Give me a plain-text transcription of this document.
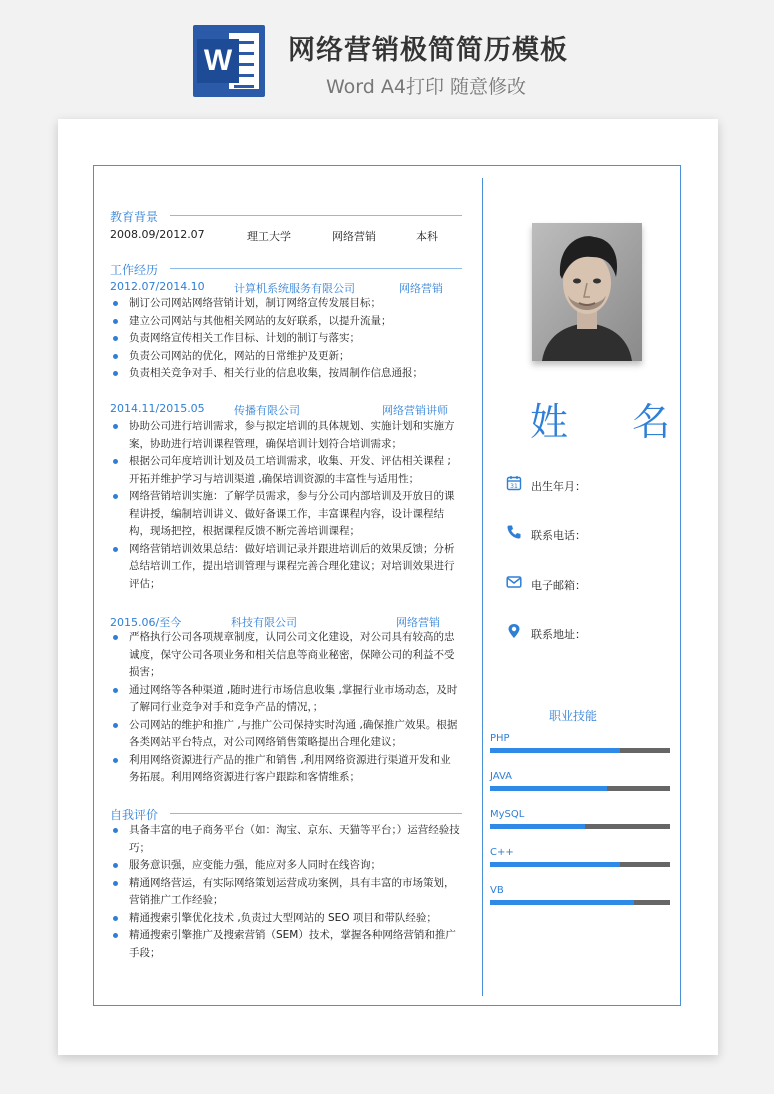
W 网络营销极简简历模板
Word A4打印 随意修改
教育背景
2008.09/2012.07	理工大学	网络营销	本科
工作经历
2012.07/2014.10	计算机系统服务有限公司	网络营销
制订公司网站网络营销计划，制订网络宣传发展目标；
建立公司网站与其他相关网站的友好联系，以提升流量；
负责网络宣传相关工作目标、计划的制订与落实；
负责公司网站的优化，网站的日常维护及更新；
负责相关竞争对手、相关行业的信息收集，按周制作信息通报；
2014.11/2015.05	传播有限公司	网络营销讲师
协助公司进行培训需求，参与拟定培训的具体规划、实施计划和实施方案，协助进行培训课程管理，确保培训计划符合培训需求；
根据公司年度培训计划及员工培训需求，收集、开发、评估相关课程 ;开拓并维护学习与培训渠道 ,确保培训资源的丰富性与适用性；
网络营销培训实施：了解学员需求，参与分公司内部培训及开放日的课程讲授，编制培训讲义、做好备课工作，丰富课程内容，设计课程结构，现场把控，根据课程反馈不断完善培训课程；
网络营销培训效果总结：做好培训记录并跟进培训后的效果反馈；分析总结培训工作，提出培训管理与课程完善合理化建议；对培训效果进行评估；
2015.06/至今	科技有限公司	网络营销
严格执行公司各项规章制度，认同公司文化建设，对公司具有较高的忠诚度，保守公司各项业务和相关信息等商业秘密，保障公司的利益不受损害；
通过网络等各种渠道 ,随时进行市场信息收集 ,掌握行业市场动态，及时了解同行业竞争对手和竞争产品的情况，；
公司网站的维护和推广 ,与推广公司保持实时沟通 ,确保推广效果。根据各类网站平台特点，对公司网络销售策略提出合理化建议；
利用网络资源进行产品的推广和销售 ,利用网络资源进行渠道开发和业务拓展。利用网络资源进行客户跟踪和客情维系；
自我评价
具备丰富的电子商务平台（如：淘宝、京东、天猫等平台；）运营经验技巧；
服务意识强，应变能力强，能应对多人同时在线咨询；
精通网络营运，有实际网络策划运营成功案例，具有丰富的市场策划，营销推广工作经验；
精通搜索引擎优化技术 ,负责过大型网站的 SEO 项目和带队经验；
精通搜索引擎推广及搜索营销（SEM）技术，掌握各种网络营销和推广手段；
姓 名
31 出生年月：
联系电话：
电子邮箱：
联系地址：
职业技能
PHP
JAVA
MySQL
C++
VB
